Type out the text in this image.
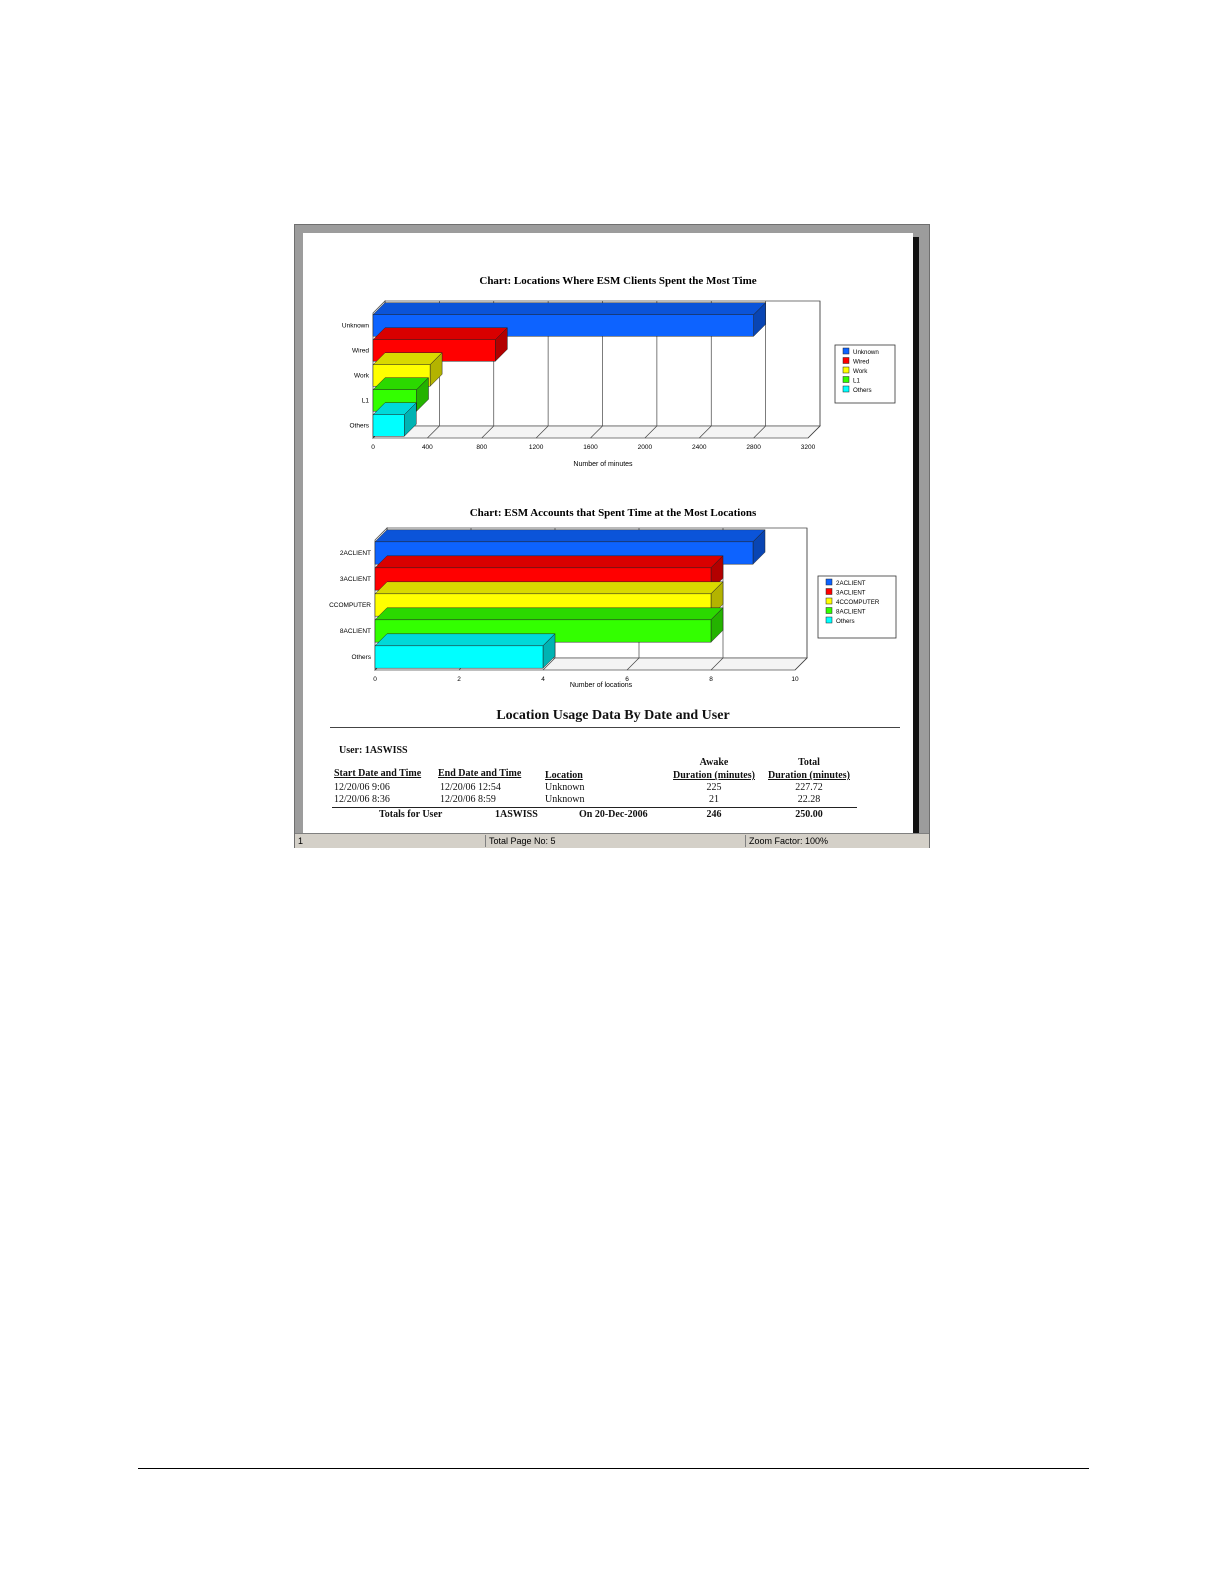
Chart: Locations Where ESM Clients Spent the Most Time
0	400	800	1200	1600	2000	2400	2800	3200
Unknown
Wired
Work
L1
Others
Unknown
Wired
Work
L1
Others
Number of minutes
Chart: ESM Accounts that Spent Time at the Most Locations
0	2	4	6	8	10
2ACLIENT
3ACLIENT
CCOMPUTER
8ACLIENT
Others
2ACLIENT
3ACLIENT
4CCOMPUTER
8ACLIENT
Others
Number of locations
Location Usage Data By Date and User
User: 1ASWISS
Start Date and Time End Date and Time Location
Awake
Duration (minutes)
Total
Duration (minutes)
12/20/06 9:06	12/20/06 12:54	Unknown	225	227.72
12/20/06 8:36	12/20/06 8:59	Unknown	21	22.28
Totals for User	1ASWISS	On 20-Dec-2006	246	250.00
1	Total Page No: 5	Zoom Factor: 100%
